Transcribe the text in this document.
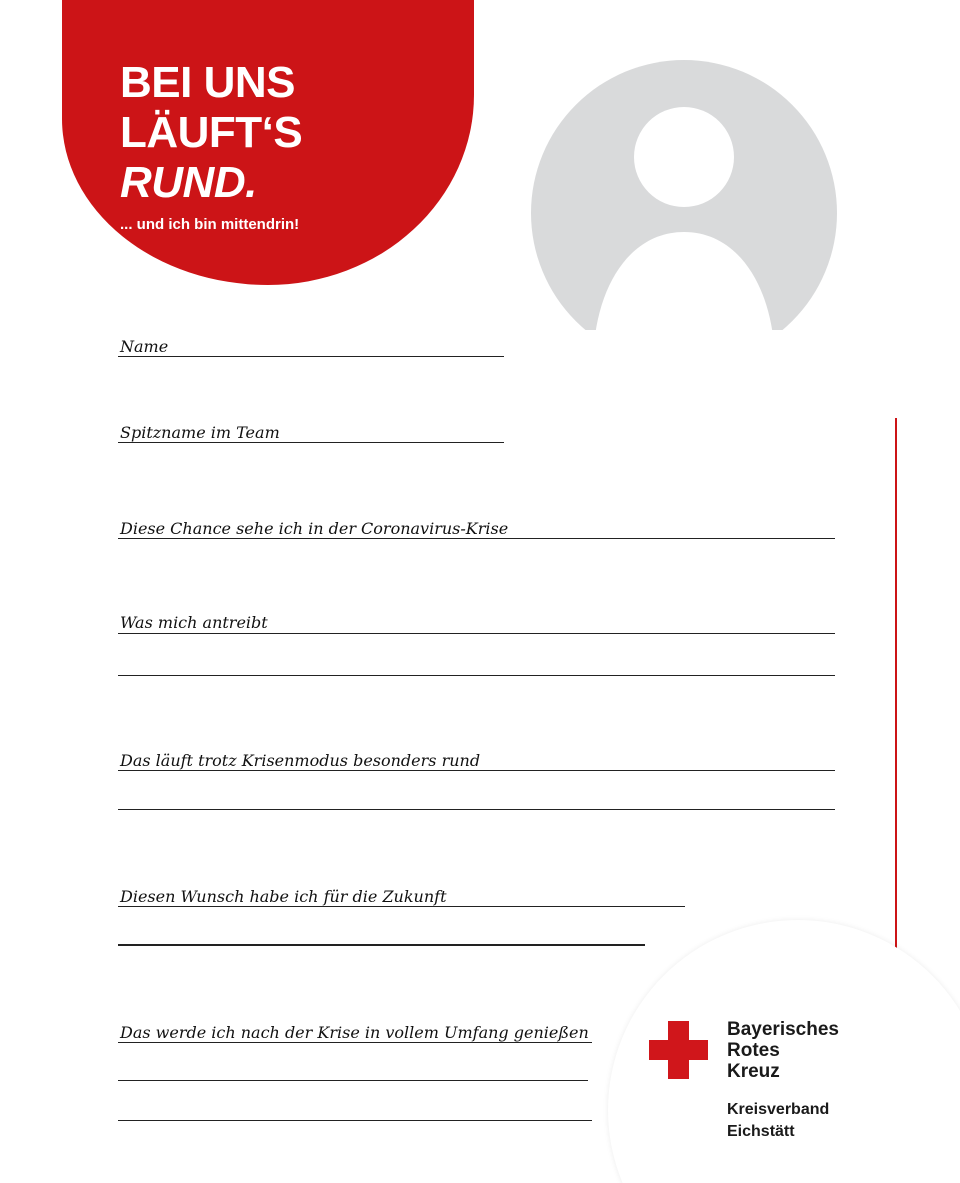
BEI UNS
LÄUFT‘S
RUND.
... und ich bin mittendrin!
Name
Spitzname im Team
Diese Chance sehe ich in der Coronavirus-Krise
Was mich antreibt
Das läuft trotz Krisenmodus besonders rund
Diesen Wunsch habe ich für die Zukunft
Das werde ich nach der Krise in vollem Umfang genießen	Bayerisches
Rotes
Kreuz
Kreisverband
Eichstätt
